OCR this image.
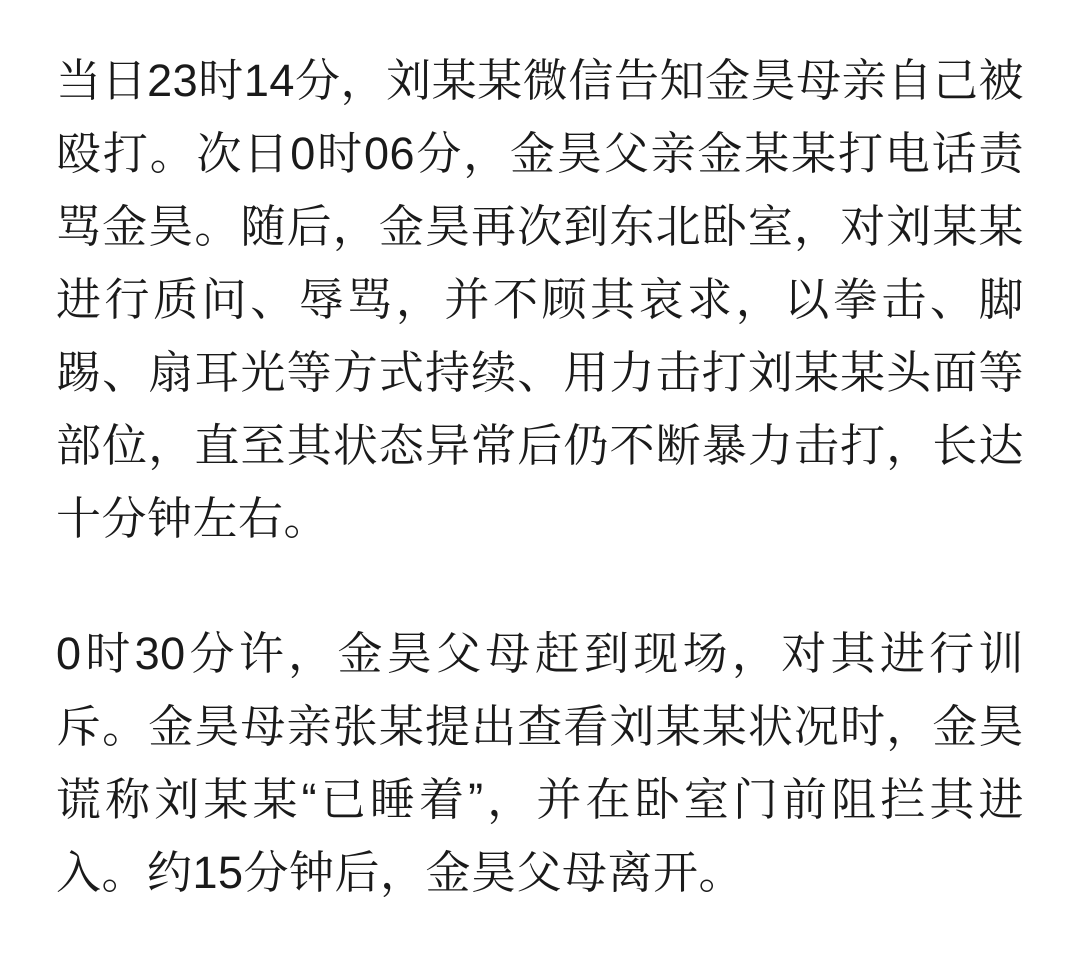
当日23时14分，刘某某微信告知金昊母亲自己被殴打。次日0时06分，金昊父亲金某某打电话责骂金昊。随后，金昊再次到东北卧室，对刘某某进行质问、辱骂，并不顾其哀求，以拳击、脚踢、扇耳光等方式持续、用力击打刘某某头面等部位，直至其状态异常后仍不断暴力击打，长达十分钟左右。

0时30分许，金昊父母赶到现场，对其进行训斥。金昊母亲张某提出查看刘某某状况时，金昊谎称刘某某“已睡着”，并在卧室门前阻拦其进入。约15分钟后，金昊父母离开。
